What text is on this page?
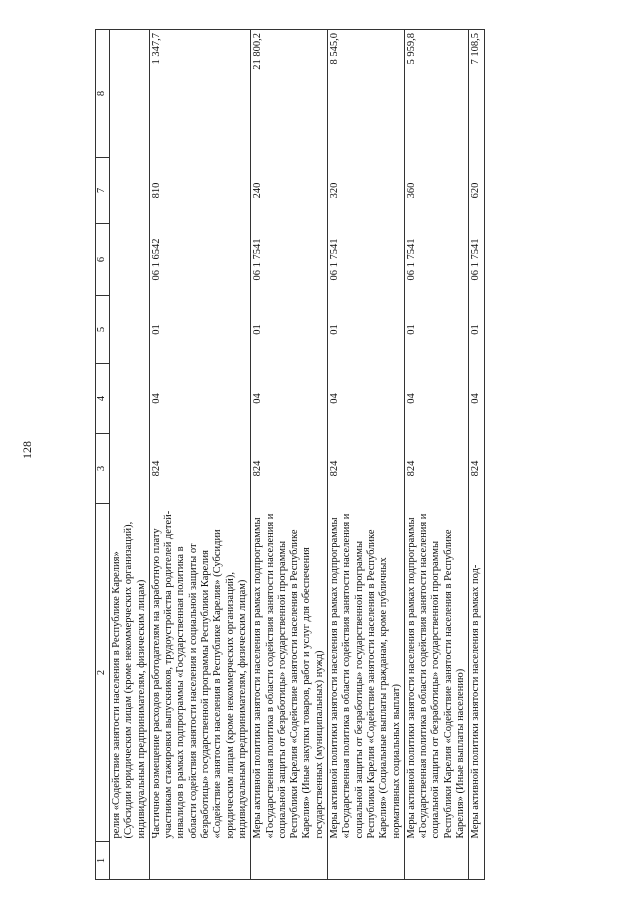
128
1	2	3	4	5	6	7	8
	релия «Содействие занятости населения в Республике Карелия» (Субсидии юридическим лицам (кроме некоммерческих организаций), индивидуальным предпринимателям, физическим лицам)						
	Частичное возмещение расходов работодателям на заработную плату участникам стажировки выпускников, трудоустройства родителей детей-инвалидов в рамках подпрограммы «Государственная политика в области содействия занятости населения и социальной защиты от безработицы» государственной программы Республики Карелия «Содействие занятости населения в Республике Карелия» (Субсидии юридическим лицам (кроме некоммерческих организаций), индивидуальным предпринимателям, физическим лицам)	824	04	01	06 1 6542	810	1 347,7
	Меры активной политики занятости населения в рамках подпрограммы «Государственная политика в области содействия занятости населения и социальной защиты от безработицы» государственной программы Республики Карелия «Содействие занятости населения в Республике Карелия» (Иные закупки товаров, работ и услуг для обеспечения государственных (муниципальных) нужд)	824	04	01	06 1 7541	240	21 800,2
	Меры активной политики занятости населения в рамках подпрограммы «Государственная политика в области содействия занятости населения и социальной защиты от безработицы» государственной программы Республики Карелия «Содействие занятости населения в Республике Карелия» (Социальные выплаты гражданам, кроме публичных нормативных социальных выплат)	824	04	01	06 1 7541	320	8 545,0
	Меры активной политики занятости населения в рамках подпрограммы «Государственная политика в области содействия занятости населения и социальной защиты от безработицы» государственной программы Республики Карелия «Содействие занятости населения в Республике Карелия» (Иные выплаты населению)	824	04	01	06 1 7541	360	5 959,8
	Меры активной политики занятости населения в рамках под-	824	04	01	06 1 7541	620	7 108,5
